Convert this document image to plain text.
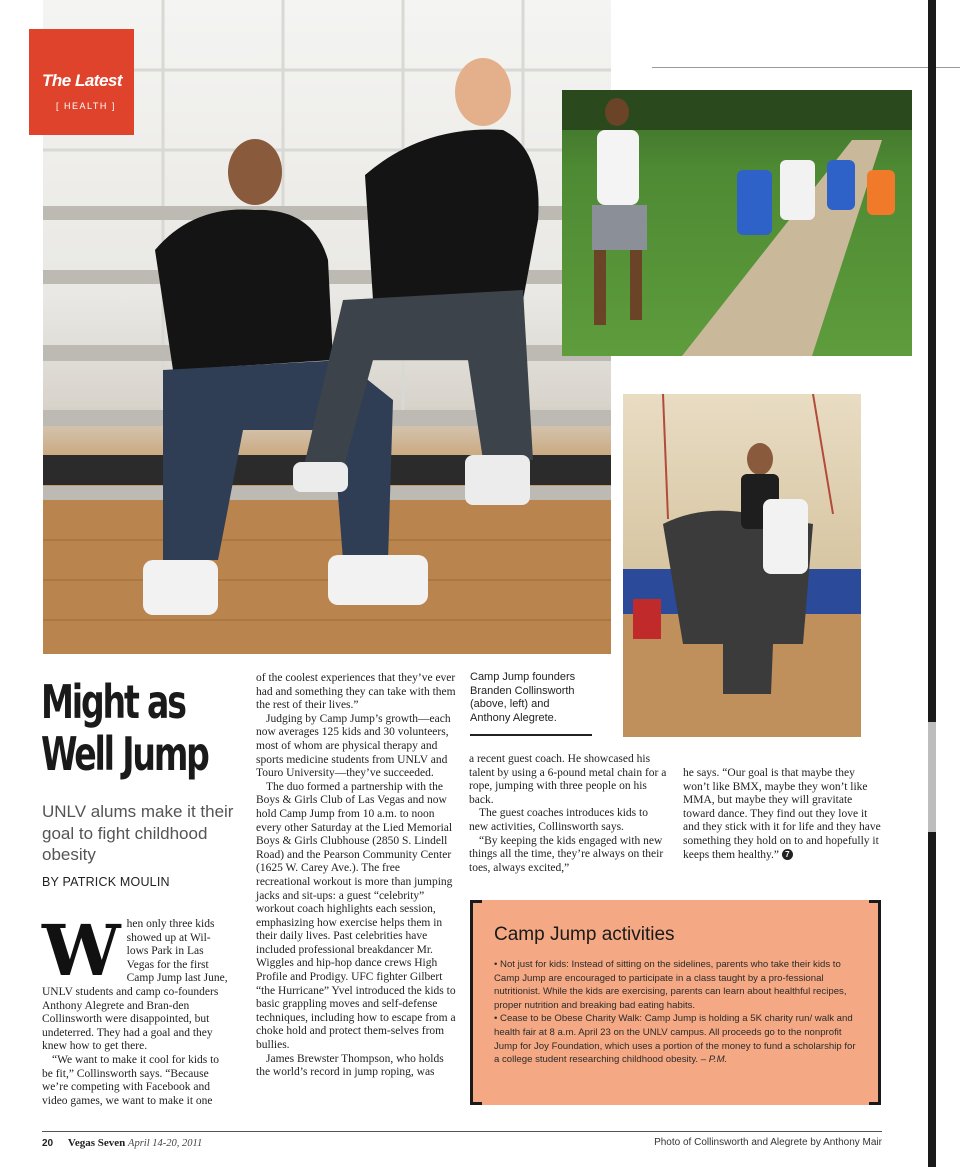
The Latest
[ HEALTH ]
Might as
Well Jump
UNLV alums make it their goal to fight childhood obesity
BY PATRICK MOULIN
W hen only three kids showed up at Wil-lows Park in Las Vegas for the first Camp Jump last June, UNLV students and camp co-founders Anthony Alegrete and Bran-den Collinsworth were disappointed, but undeterred. They had a goal and they knew how to get there.

“We want to make it cool for kids to be fit,” Collinsworth says. “Because we’re competing with Facebook and video games, we want to make it one

of the coolest experiences that they’ve ever had and something they can take with them the rest of their lives.”

Judging by Camp Jump’s growth—each now averages 125 kids and 30 volunteers, most of whom are physical therapy and sports medicine students from UNLV and Touro University—they’ve succeeded.

The duo formed a partnership with the Boys & Girls Club of Las Vegas and now hold Camp Jump from 10 a.m. to noon every other Saturday at the Lied Memorial Boys & Girls Clubhouse (2850 S. Lindell Road) and the Pearson Community Center (1625 W. Carey Ave.). The free recreational workout is more than jumping jacks and sit-ups: a guest “celebrity” workout coach highlights each session, emphasizing how exercise helps them in their daily lives. Past celebrities have included professional breakdancer Mr. Wiggles and hip-hop dance crews High Profile and Prodigy. UFC fighter Gilbert “the Hurricane” Yvel introduced the kids to basic grappling moves and self-defense techniques, including how to escape from a choke hold and protect them-selves from bullies.

James Brewster Thompson, who holds the world’s record in jump roping, was

Camp Jump founders Branden Collinsworth (above, left) and Anthony Alegrete.

a recent guest coach. He showcased his talent by using a 6-pound metal chain for a rope, jumping with three people on his back.

The guest coaches introduces kids to new activities, Collinsworth says.

“By keeping the kids engaged with new things all the time, they’re always on their toes, always excited,”

he says. “Our goal is that maybe they won’t like BMX, maybe they won’t like MMA, but maybe they will gravitate toward dance. They find out they love it and they stick with it for life and they have something they hold on to and hopefully it keeps them healthy.” 7

Camp Jump activities

• Not just for kids: Instead of sitting on the sidelines, parents who take their kids to Camp Jump are encouraged to participate in a class taught by a pro-fessional nutritionist. While the kids are exercising, parents can learn about healthful recipes, proper nutrition and breaking bad eating habits.

• Cease to be Obese Charity Walk: Camp Jump is holding a 5K charity run/ walk and health fair at 8 a.m. April 23 on the UNLV campus. All proceeds go to the nonprofit Jump for Joy Foundation, which uses a portion of the money to fund a scholarship for a college student researching childhood obesity. – P.M.

20 Vegas Seven April 14-20, 2011	Photo of Collinsworth and Alegrete by Anthony Mair
